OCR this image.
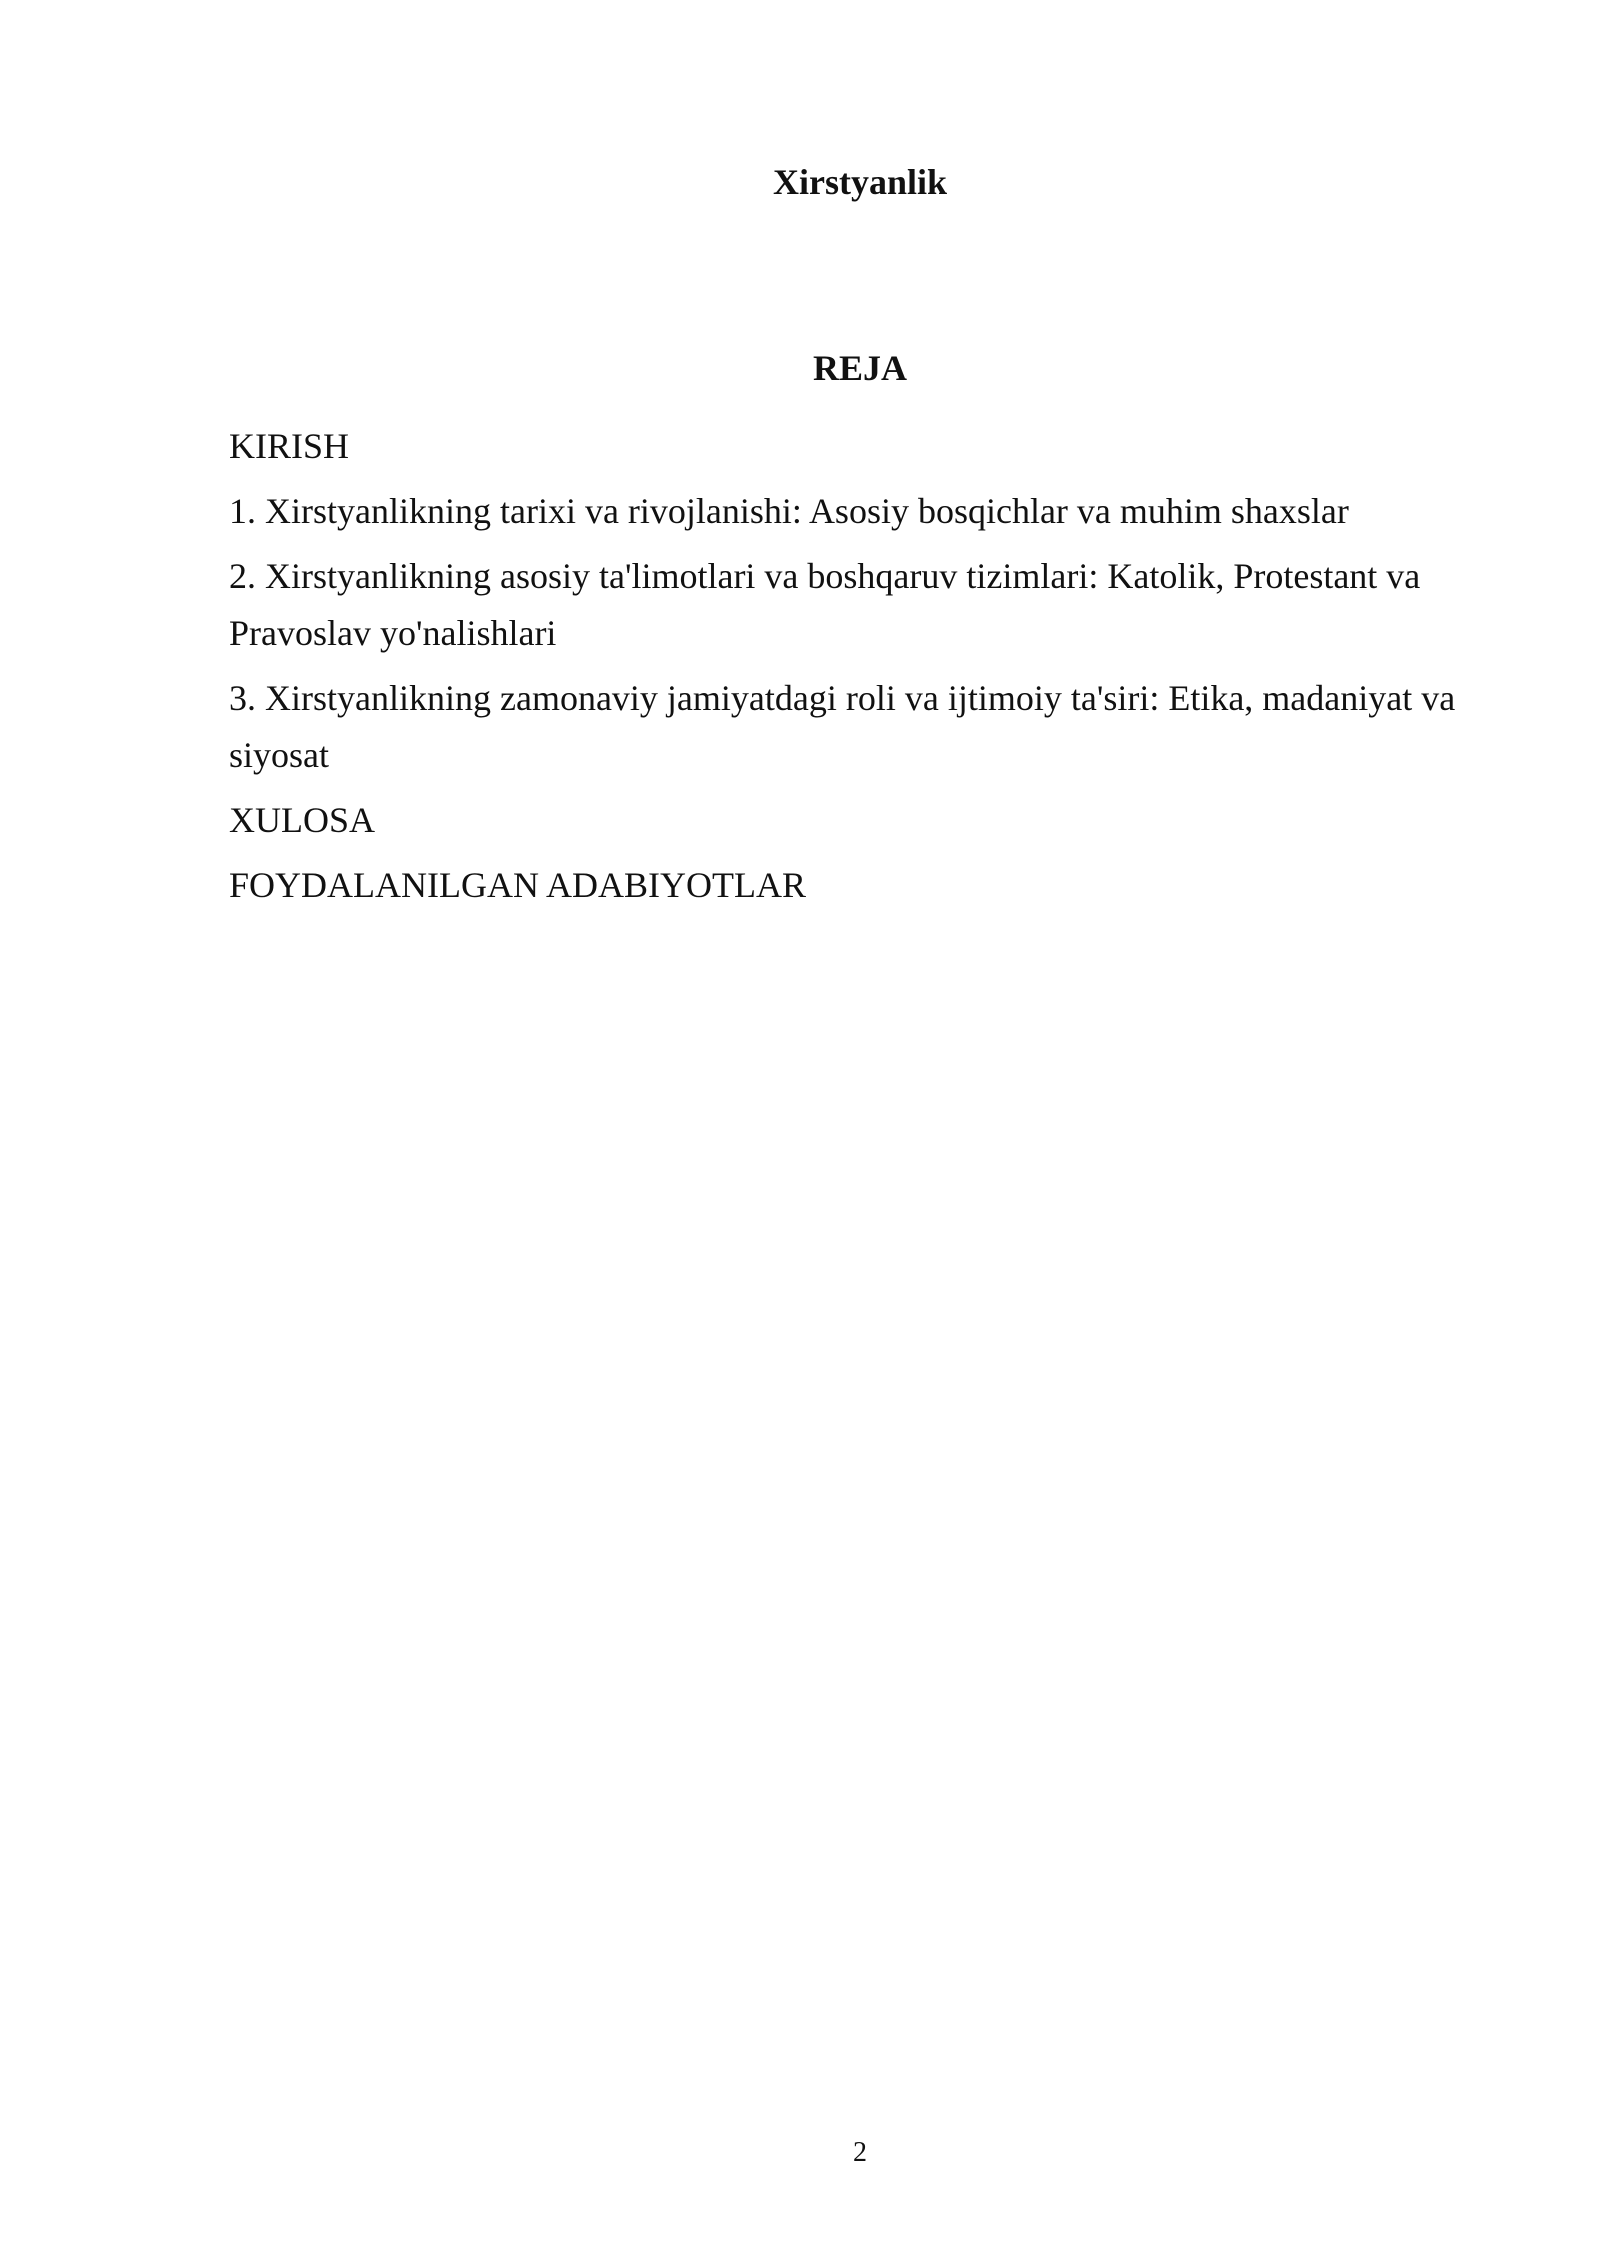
Xirstyanlik
REJA
KIRISH
1. Xirstyanlikning tarixi va rivojlanishi: Asosiy bosqichlar va muhim shaxslar
2. Xirstyanlikning asosiy ta'limotlari va boshqaruv tizimlari: Katolik, Protestant va Pravoslav yo'nalishlari
3. Xirstyanlikning zamonaviy jamiyatdagi roli va ijtimoiy ta'siri: Etika, madaniyat va siyosat
XULOSA
FOYDALANILGAN ADABIYOTLAR
2
